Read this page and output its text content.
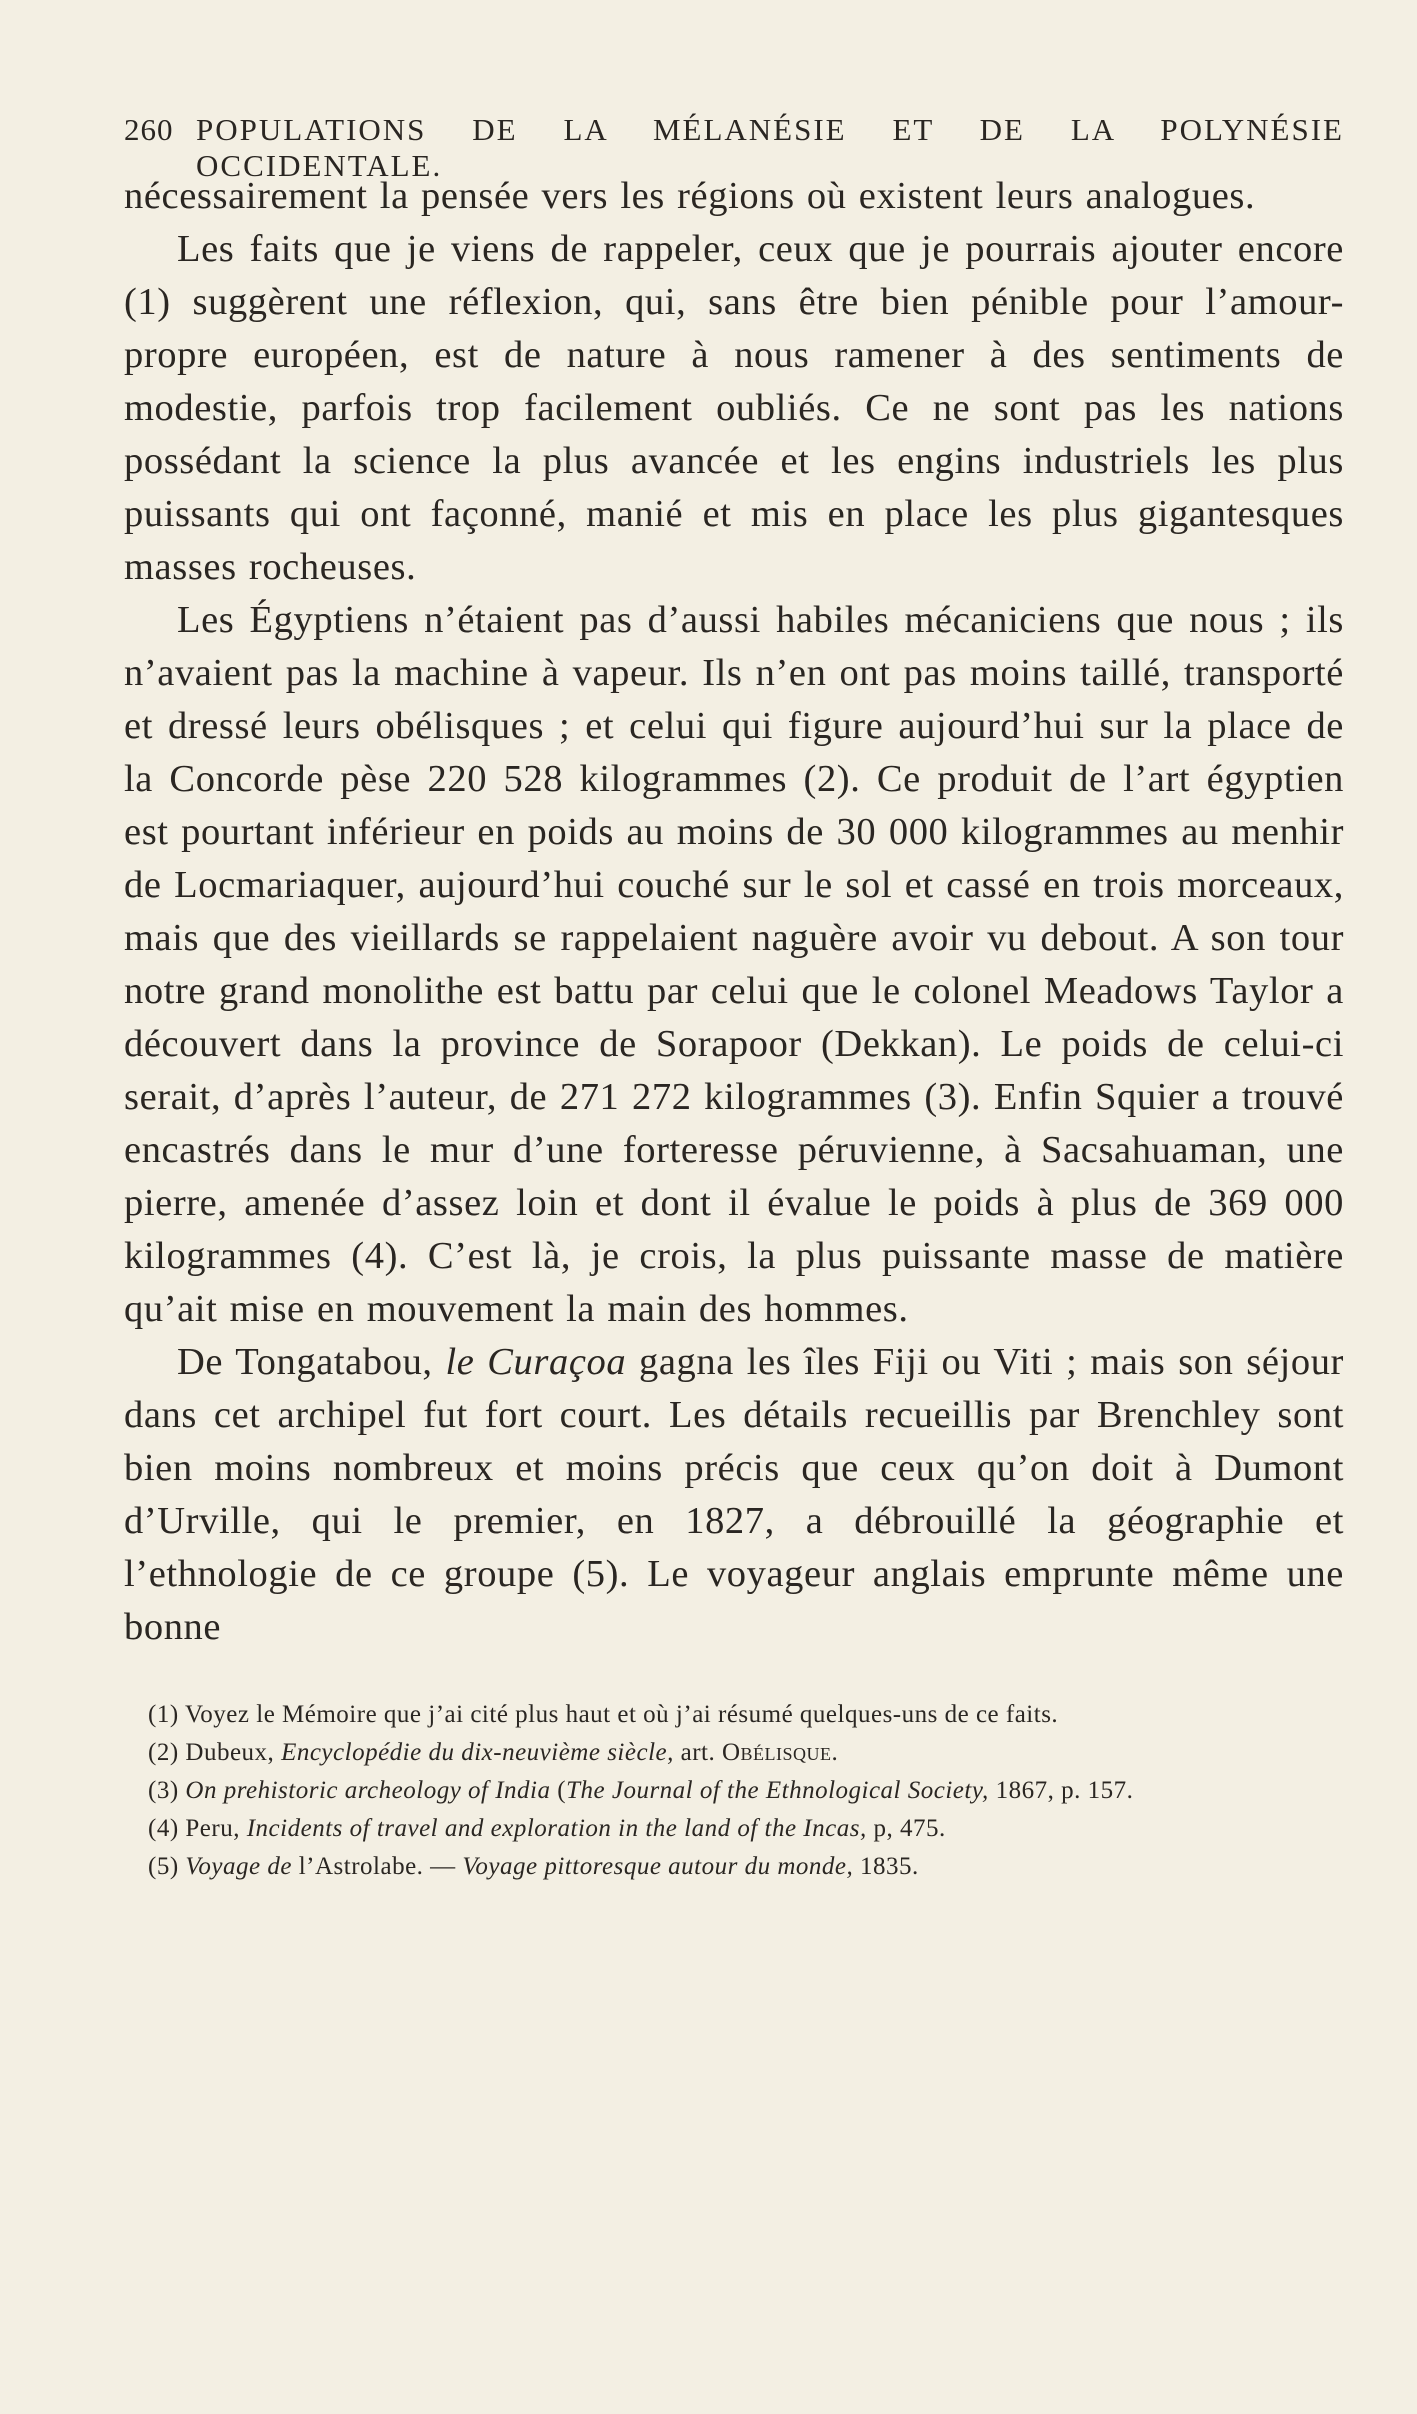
260 POPULATIONS DE LA MÉLANÉSIE ET DE LA POLYNÉSIE OCCIDENTALE.

nécessairement la pensée vers les régions où existent leurs analogues.

Les faits que je viens de rappeler, ceux que je pourrais ajouter encore (1) suggèrent une réflexion, qui, sans être bien pénible pour l’amour-propre européen, est de nature à nous ramener à des sentiments de modestie, parfois trop facilement oubliés. Ce ne sont pas les nations possédant la science la plus avancée et les engins industriels les plus puissants qui ont façonné, manié et mis en place les plus gigantesques masses rocheuses.

Les Égyptiens n’étaient pas d’aussi habiles mécaniciens que nous ; ils n’avaient pas la machine à vapeur. Ils n’en ont pas moins taillé, transporté et dressé leurs obélisques ; et celui qui figure aujourd’hui sur la place de la Concorde pèse 220 528 kilogrammes (2). Ce produit de l’art égyptien est pourtant inférieur en poids au moins de 30 000 kilogrammes au menhir de Locmariaquer, aujourd’hui couché sur le sol et cassé en trois morceaux, mais que des vieillards se rappelaient naguère avoir vu debout. A son tour notre grand monolithe est battu par celui que le colonel Meadows Taylor a découvert dans la province de Sorapoor (Dekkan). Le poids de celui-ci serait, d’après l’auteur, de 271 272 kilogrammes (3). Enfin Squier a trouvé encastrés dans le mur d’une forteresse péruvienne, à Sacsahuaman, une pierre, amenée d’assez loin et dont il évalue le poids à plus de 369 000 kilogrammes (4). C’est là, je crois, la plus puissante masse de matière qu’ait mise en mouvement la main des hommes.

De Tongatabou, le Curaçoa gagna les îles Fiji ou Viti ; mais son séjour dans cet archipel fut fort court. Les détails recueillis par Brenchley sont bien moins nombreux et moins précis que ceux qu’on doit à Dumont d’Urville, qui le premier, en 1827, a débrouillé la géographie et l’ethnologie de ce groupe (5). Le voyageur anglais emprunte même une bonne

(1) Voyez le Mémoire que j’ai cité plus haut et où j’ai résumé quelques-uns de ce faits.

(2) Dubeux, Encyclopédie du dix-neuvième siècle, art. Obélisque.

(3) On prehistoric archeology of India (The Journal of the Ethnological Society, 1867, p. 157.

(4) Peru, Incidents of travel and exploration in the land of the Incas, p, 475.

(5) Voyage de l’Astrolabe. — Voyage pittoresque autour du monde, 1835.
